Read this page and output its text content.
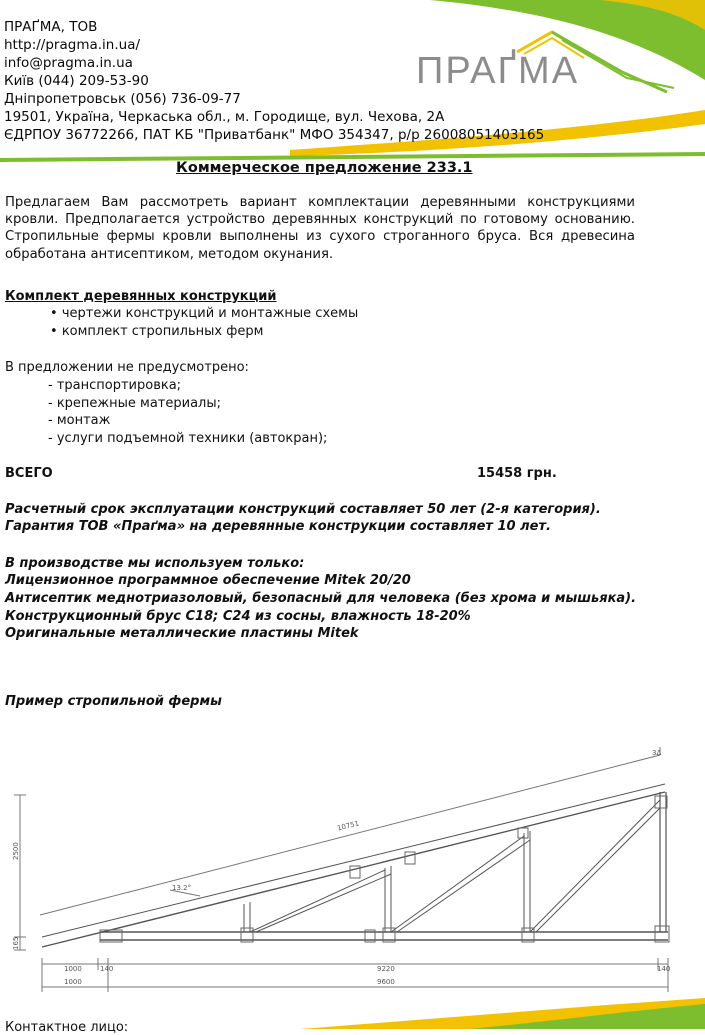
ПРАҐМА
ПРАҐМА, ТОВ
http://pragma.in.ua/
info@pragma.in.ua
Київ (044) 209-53-90
Дніпропетровськ (056) 736-09-77
19501, Україна, Черкаська обл., м. Городище, вул. Чехова, 2А
ЄДРПОУ 36772266, ПАТ КБ "Приватбанк" МФО 354347, р/р 26008051403165
Коммерческое предложение 233.1
Предлагаем Вам рассмотреть вариант комплектации деревянными конструкциями кровли. Предполагается устройство деревянных конструкций по готовому основанию. Стропильные фермы кровли выполнены из сухого строганного бруса. Вся древесина обработана антисептиком, методом окунания.
Комплект деревянных конструкций
• чертежи конструкций и монтажные схемы
• комплект стропильных ферм
В предложении не предусмотрено:
- транспортировка;
- крепежные материалы;
- монтаж
- услуги подъемной техники (автокран);
ВСЕГО	15458 грн.
Расчетный срок эксплуатации конструкций составляет 50 лет (2-я категория).
Гарантия ТОВ «Праґма» на деревянные конструкции составляет 10 лет.
В производстве мы используем только:
Лицензионное программное обеспечение Mitek 20/20
Антисептик меднотриазоловый, безопасный для человека (без хрома и мышьяка).
Конструкционный брус С18; С24 из сосны, влажность 18-20%
Оригинальные металлические пластины Mitek
Пример стропильной фермы
10751
2500
165
13.2°
3Δ
1000	140	9220	140
1000	9600
Контактное лицо:
